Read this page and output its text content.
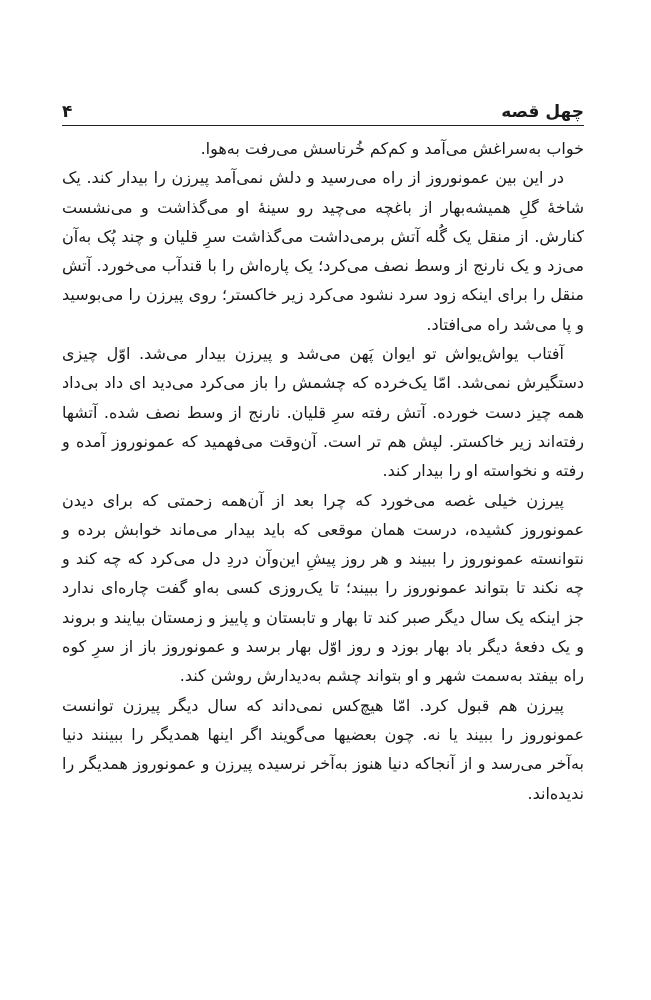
چهل قصه
۴

خواب به‌سراغش می‌آمد و کم‌کم خُرناسش می‌رفت به‌هوا.

در این بین عمونوروز از راه می‌رسید و دلش نمی‌آمد پیرزن را بیدار کند. یک شاخهٔ گلِ همیشه‌بهار از باغچه می‌چید رو سینهٔ او می‌گذاشت و می‌نشست کنارش. از منقل یک گُله آتش برمی‌داشت می‌گذاشت سرِ قلیان و چند پُک به‌آن می‌زد و یک نارنج از وسط نصف می‌کرد؛ یک پاره‌اش را با قندآب می‌خورد. آتش منقل را برای اینکه زود سرد نشود می‌کرد زیر خاکستر؛ روی پیرزن را می‌بوسید و پا می‌شد راه می‌افتاد.

آفتاب یواش‌یواش تو ایوان پَهن می‌شد و پیرزن بیدار می‌شد. اوّل چیزی دستگیرش نمی‌شد. امّا یک‌خرده که چشمش را باز می‌کرد می‌دید ای داد بی‌داد همه چیز دست خورده. آتش رفته سرِ قلیان. نارنج از وسط نصف شده. آتشها رفته‌اند زیر خاکستر. لپش هم تر است. آن‌وقت می‌فهمید که عمونوروز آمده و رفته و نخواسته او را بیدار کند.

پیرزن خیلی غصه می‌خورد که چرا بعد از آن‌همه زحمتی که برای دیدن عمونوروز کشیده، درست همان موقعی که باید بیدار می‌ماند خوابش برده و نتوانسته عمونوروز را ببیند و هر روز پیشِ این‌وآن دردِ دل می‌کرد که چه کند و چه نکند تا بتواند عمونوروز را ببیند؛ تا یک‌روزی کسی به‌او گفت چاره‌ای ندارد جز اینکه یک سال دیگر صبر کند تا بهار و تابستان و پاییز و زمستان بیایند و بروند و یک دفعهٔ دیگر باد بهار بوزد و روز اوّل بهار برسد و عمونوروز باز از سرِ کوه راه بیفتد به‌سمت شهر و او بتواند چشم به‌دیدارش روشن کند.

پیرزن هم قبول کرد. امّا هیچ‌کس نمی‌داند که سال دیگر پیرزن توانست عمونوروز را ببیند یا نه. چون بعضیها می‌گویند اگر اینها همدیگر را ببینند دنیا به‌آخر می‌رسد و از آنجاکه دنیا هنوز به‌آخر نرسیده پیرزن و عمونوروز همدیگر را ندیده‌اند.
